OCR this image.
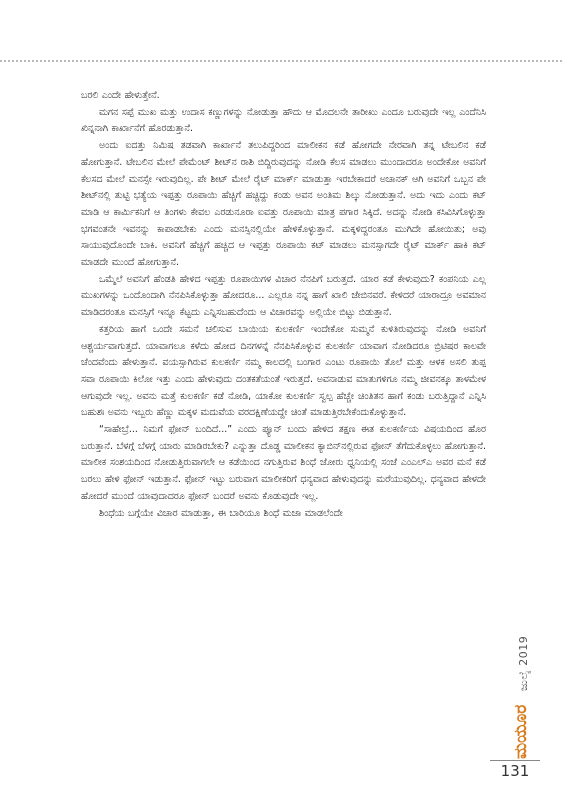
ಬರಲಿ ಎಂದೇ ಹೇಳುತ್ತೇನೆ.

ಮಗನ ಸಪ್ಪೆ ಮುಖ ಮತ್ತು ಉದಾಸ ಕಣ್ಣುಗಳನ್ನು ನೋಡುತ್ತಾ ಹೌದು ಆ ಮೊದಲನೇ ತಾರೀಖು ಎಂದೂ ಬರುವುದೇ ಇಲ್ಲ ಎಂದೆನಿಸಿ ಖಿನ್ನನಾಗಿ ಕಾರ್ಖಾನೆಗೆ ಹೊರಡುತ್ತಾನೆ.

ಅಂದು ಐದತ್ತು ನಿಮಿಷ ತಡವಾಗಿ ಕಾರ್ಖಾನೆ ತಲುಪಿದ್ದರಿಂದ ಮಾಲೀಕನ ಕಡೆ ಹೋಗದೇ ನೇರವಾಗಿ ತನ್ನ ಟೇಬಲಿನ ಕಡೆ ಹೋಗುತ್ತಾನೆ. ಟೇಬಲಿನ ಮೇಲೆ ಪೇಮೆಂಟ್ ಶೀಟ್‌ನ ರಾಶಿ ಬಿದ್ದಿರುವುದನ್ನು ನೋಡಿ ಕೆಲಸ ಮಾಡಲು ಮುಂದಾದರೂ ಅಂದೇಕೋ ಅವನಿಗೆ ಕೆಲಸದ ಮೇಲೆ ಮನಸ್ಸೇ ಇರುವುದಿಲ್ಲ. ಪೇ ಶೀಟ್ ಮೇಲೆ ರೈಟ್ ಮಾರ್ಕ್ ಮಾಡುತ್ತಾ ಇರಬೇಕಾದರೆ ಅಚಾನಕ್ ಆಗಿ ಅವನಿಗೆ ಒಬ್ಬನ ಪೇ ಶೀಟ್‌ನಲ್ಲಿ ತುಟ್ಟಿ ಭತ್ಯೆಯ ಇಪ್ಪತ್ತು ರೂಪಾಯಿ ಹೆಚ್ಚಿಗೆ ಹಚ್ಚಿದ್ದು ಕಂಡು ಅವನ ಅಂತಿಮ ಶಿಲ್ಕು ನೋಡುತ್ತಾನೆ. ಅದು ಇದು ಎಂದು ಕಟ್ ಮಾಡಿ ಆ ಕಾರ್ಮಿಕನಿಗೆ ಆ ತಿಂಗಳು ಕೇವಲ ಎರಡುನೂರಾ ಐವತ್ತು ರೂಪಾಯಿ ಮಾತ್ರ ಪಗಾರ ಸಿಕ್ಕಿದೆ. ಅದನ್ನು ನೋಡಿ ಕಸಿವಿಸಿಗೊಳ್ಳುತ್ತಾ ಭಗವಂತನೇ ಇವನನ್ನು ಕಾಪಾಡಬೇಕು ಎಂದು ಮನಸ್ಸಿನಲ್ಲಿಯೇ ಹೇಳಿಕೊಳ್ಳುತ್ತಾನೆ. ಮಕ್ಕಳಿದ್ದರಂತೂ ಮುಗಿದೇ ಹೋಯಿತು; ಅವು ಸಾಯುವುದೊಂದೇ ಬಾಕಿ. ಅವನಿಗೆ ಹೆಚ್ಚಿಗೆ ಹಚ್ಚಿದ ಆ ಇಪ್ಪತ್ತು ರೂಪಾಯಿ ಕಟ್ ಮಾಡಲು ಮನಸ್ಸಾಗದೇ ರೈಟ್ ಮಾರ್ಕ್ ಹಾಕಿ ಕಟ್ ಮಾಡದೇ ಮುಂದೆ ಹೋಗುತ್ತಾನೆ.

ಒಮ್ಮೆಲೆ ಅವನಿಗೆ ಹೆಂಡತಿ ಹೇಳಿದ ಇಪ್ಪತ್ತು ರೂಪಾಯಿಗಳ ವಿಚಾರ ನೆನಪಿಗೆ ಬರುತ್ತದೆ. ಯಾರ ಕಡೆ ಕೇಳುವುದು? ಕಂಪನಿಯ ಎಲ್ಲ ಮುಖಗಳನ್ನು ಒಂದೊಂದಾಗಿ ನೆನಪಿಸಿಕೊಳ್ಳುತ್ತಾ ಹೋದರೂ... ಎಲ್ಲರೂ ನನ್ನ ಹಾಗೆ ಖಾಲಿ ಜೇಬಿನವರೆ. ಕೇಳಿದರೆ ಯಾರಾದ್ರೂ ಅವಮಾನ ಮಾಡಿದರಂತೂ ಮನಸ್ಸಿಗೆ ಇನ್ನೂ ಕೆಟ್ಟದು ಎನ್ನಿಸಬಹುದೆಂದು ಆ ವಿಚಾರವನ್ನು ಅಲ್ಲಿಯೇ ಬಿಟ್ಟು ಬಿಡುತ್ತಾನೆ.

ಕತ್ತರಿಯ ಹಾಗೆ ಒಂದೇ ಸಮನೆ ಚಲಿಸುವ ಬಾಯಿಯ ಕುಲಕರ್ಣಿ ಇಂದೇಕೋ ಸುಮ್ಮನೆ ಕುಳಿತಿರುವುದನ್ನು ನೋಡಿ ಅವನಿಗೆ ಆಶ್ಚರ್ಯವಾಗುತ್ತದೆ. ಯಾವಾಗಲೂ ಕಳೆದು ಹೋದ ದಿನಗಳನ್ನೆ ನೆನಪಿಸಿಕೊಳ್ಳುವ ಕುಲಕರ್ಣಿ ಯಾವಾಗ ನೋಡಿದರೂ ಬ್ರಿಟಿಷರ ಕಾಲವೇ ಚೆಂದವೆಂದು ಹೇಳುತ್ತಾನೆ. ವಯಸ್ಸಾಗಿರುವ ಕುಲಕರ್ಣಿ ನಮ್ಮ ಕಾಲದಲ್ಲಿ ಬಂಗಾರ ಎಂಟು ರೂಪಾಯಿ ತೊಲೆ ಮತ್ತು ಆಳಕ ಅಸಲಿ ತುಪ್ಪ ಸವಾ ರೂಪಾಯಿ ಕಿಲೋ ಇತ್ತು ಎಂದು ಹೇಳುವುದು ದಂತಕತೆಯಂತೆ ಇರುತ್ತದೆ. ಅವನಾಡುವ ಮಾತುಗಳಿಗೂ ನಮ್ಮ ಜೀವನಕ್ಕೂ ತಾಳಮೇಳ ಆಗುವುದೇ ಇಲ್ಲ. ಅವನು ಮತ್ತೆ ಕುಲಕರ್ಣಿ ಕಡೆ ನೋಡಿ, ಯಾಕೋ ಕುಲಕರ್ಣಿ ಸ್ವಲ್ಪ ಹೆಚ್ಚೇ ಚಿಂತಿತನ ಹಾಗೆ ಕಂಡು ಬರುತ್ತಿದ್ದಾನೆ ಎನ್ನಿಸಿ ಬಹುಶಃ ಅವನು ಇಬ್ಬರು ಹೆಣ್ಣು ಮಕ್ಕಳ ಮದುವೆಯ ವರದಕ್ಷಿಣೆಯದ್ದೇ ಚಿಂತೆ ಮಾಡುತ್ತಿರಬೇಕೆಂದುಕೊಳ್ಳುತ್ತಾನೆ.

“ಸಾಹೇಬ್ರೆ... ನಿಮಗೆ ಫೋನ್ ಬಂದಿದೆ...” ಎಂದು ಪ್ಯೂನ್ ಬಂದು ಹೇಳಿದ ತಕ್ಷಣ ಈತ ಕುಲಕರ್ಣಿಯ ವಿಷಯದಿಂದ ಹೊರ ಬರುತ್ತಾನೆ. ಬೆಳಗ್ಗೆ ಬೆಳಗ್ಗೆ ಯಾರು ಮಾಡಿರಬೇಕು? ಎನ್ನುತ್ತಾ ದೊಡ್ಡ ಮಾಲೀಕನ ಕ್ಯಾಬಿನ್‌ನಲ್ಲಿರುವ ಫೋನ್ ತೆಗೆದುಕೊಳ್ಳಲು ಹೋಗುತ್ತಾನೆ. ಮಾಲೀಕ ಸಂಶಯದಿಂದ ನೋಡುತ್ತಿರುವಾಗಲೇ ಆ ಕಡೆಯಿಂದ ನಗುತ್ತಿರುವ ಶಿಂಧೆ ಜೋರು ಧ್ವನಿಯಲ್ಲಿ ಸಂಜೆ ಎಂಎಲ್‌ಎ ಅವರ ಮನೆ ಕಡೆ ಬರಲು ಹೇಳಿ ಫೋನ್ ಇಡುತ್ತಾನೆ. ಫೋನ್ ಇಟ್ಟು ಬರುವಾಗ ಮಾಲೀಕರಿಗೆ ಧನ್ಯವಾದ ಹೇಳುವುದನ್ನು ಮರೆಯುವುದಿಲ್ಲ. ಧನ್ಯವಾದ ಹೇಳದೇ ಹೋದರೆ ಮುಂದೆ ಯಾವುದಾದರೂ ಫೋನ್ ಬಂದರೆ ಅವನು ಕೊಡುವುದೇ ಇಲ್ಲ.

ಶಿಂಧೆಯ ಬಗ್ಗೆಯೇ ವಿಚಾರ ಮಾಡುತ್ತಾ, ಈ ಬಾರಿಯೂ ಶಿಂಧೆ ಮಜಾ ಮಾಡಲೆಂದೇ

ಜುಲೈ 2019
ಮಯೂರ
131
